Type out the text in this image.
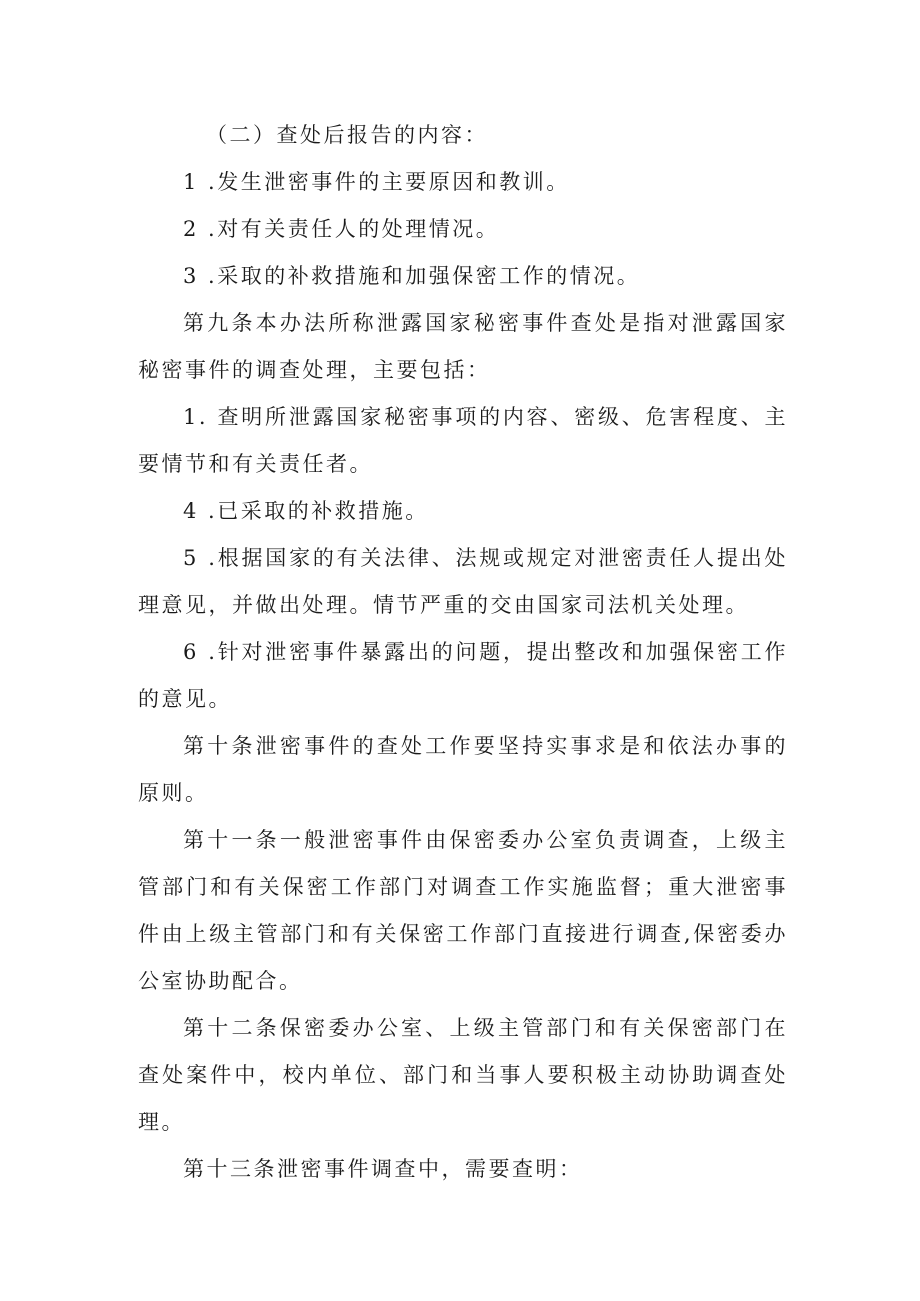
（二）查处后报告的内容：

1 .发生泄密事件的主要原因和教训。

2 .对有关责任人的处理情况。

3 .采取的补救措施和加强保密工作的情况。

第九条本办法所称泄露国家秘密事件查处是指对泄露国家秘密事件的调查处理，主要包括：

1. 查明所泄露国家秘密事项的内容、密级、危害程度、主要情节和有关责任者。

4 .已采取的补救措施。

5 .根据国家的有关法律、法规或规定对泄密责任人提出处理意见，并做出处理。情节严重的交由国家司法机关处理。

6 .针对泄密事件暴露出的问题，提出整改和加强保密工作的意见。

第十条泄密事件的查处工作要坚持实事求是和依法办事的原则。

第十一条一般泄密事件由保密委办公室负责调查，上级主管部门和有关保密工作部门对调查工作实施监督；重大泄密事件由上级主管部门和有关保密工作部门直接进行调查,保密委办公室协助配合。

第十二条保密委办公室、上级主管部门和有关保密部门在查处案件中，校内单位、部门和当事人要积极主动协助调查处理。

第十三条泄密事件调查中，需要查明：
